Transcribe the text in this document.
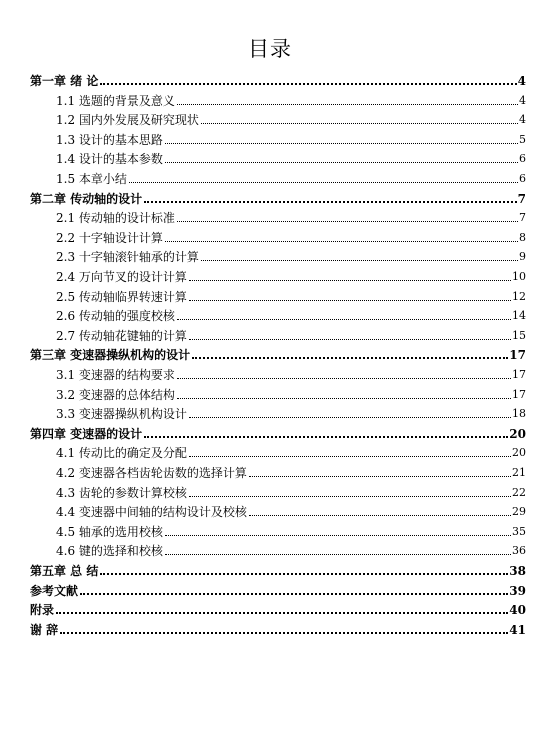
目录
第一章 绪 论	4
1.1 选题的背景及意义	4
1.2 国内外发展及研究现状	4
1.3 设计的基本思路	5
1.4 设计的基本参数	6
1.5 本章小结	6
第二章 传动轴的设计	7
2.1 传动轴的设计标准	7
2.2 十字轴设计计算	8
2.3 十字轴滚针轴承的计算	9
2.4 万向节叉的设计计算	10
2.5 传动轴临界转速计算	12
2.6 传动轴的强度校核	14
2.7 传动轴花键轴的计算	15
第三章 变速器操纵机构的设计	17
3.1 变速器的结构要求	17
3.2 变速器的总体结构	17
3.3 变速器操纵机构设计	18
第四章 变速器的设计	20
4.1 传动比的确定及分配	20
4.2 变速器各档齿轮齿数的选择计算	21
4.3 齿轮的参数计算校核	22
4.4 变速器中间轴的结构设计及校核	29
4.5 轴承的选用校核	35
4.6 键的选择和校核	36
第五章 总 结	38
参考文献	39
附录	40
谢 辞	41
